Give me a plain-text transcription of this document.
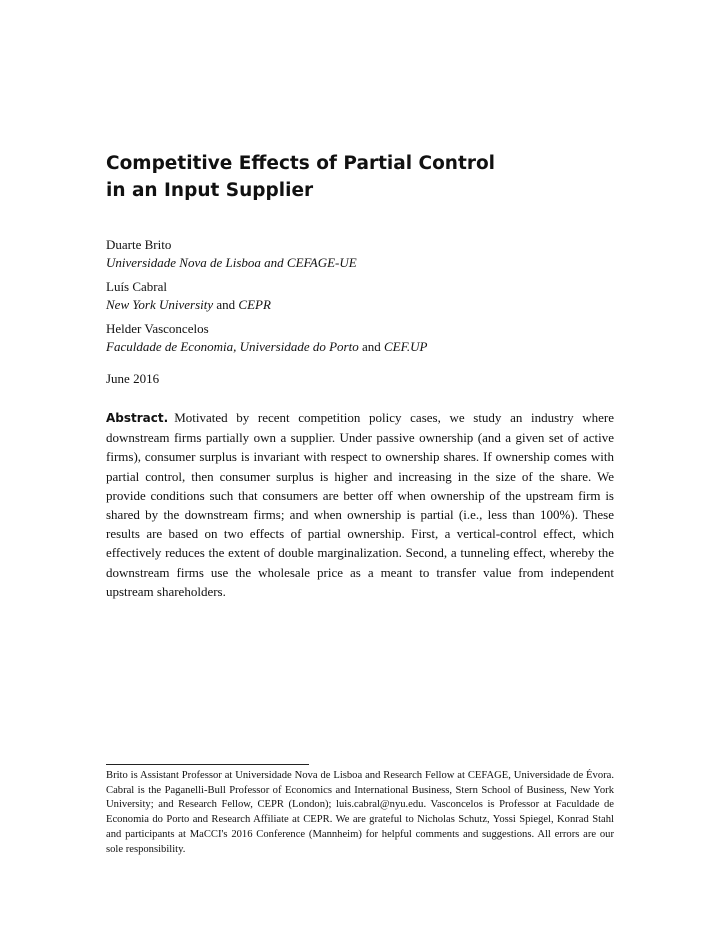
Competitive Effects of Partial Control
in an Input Supplier
Duarte Brito
Universidade Nova de Lisboa and CEFAGE-UE
Luís Cabral
New York University and CEPR
Helder Vasconcelos
Faculdade de Economia, Universidade do Porto and CEF.UP
June 2016
Abstract. Motivated by recent competition policy cases, we study an industry where downstream firms partially own a supplier. Under passive ownership (and a given set of active firms), consumer surplus is invariant with respect to ownership shares. If ownership comes with partial control, then consumer surplus is higher and increasing in the size of the share. We provide conditions such that consumers are better off when ownership of the upstream firm is shared by the downstream firms; and when ownership is partial (i.e., less than 100%). These results are based on two effects of partial ownership. First, a vertical-control effect, which effectively reduces the extent of double marginalization. Second, a tunneling effect, whereby the downstream firms use the wholesale price as a meant to transfer value from independent upstream shareholders.
Brito is Assistant Professor at Universidade Nova de Lisboa and Research Fellow at CEFAGE, Universidade de Évora. Cabral is the Paganelli-Bull Professor of Economics and International Business, Stern School of Business, New York University; and Research Fellow, CEPR (London); luis.cabral@nyu.edu. Vasconcelos is Professor at Faculdade de Economia do Porto and Research Affiliate at CEPR. We are grateful to Nicholas Schutz, Yossi Spiegel, Konrad Stahl and participants at MaCCI's 2016 Conference (Mannheim) for helpful comments and suggestions. All errors are our sole responsibility.
